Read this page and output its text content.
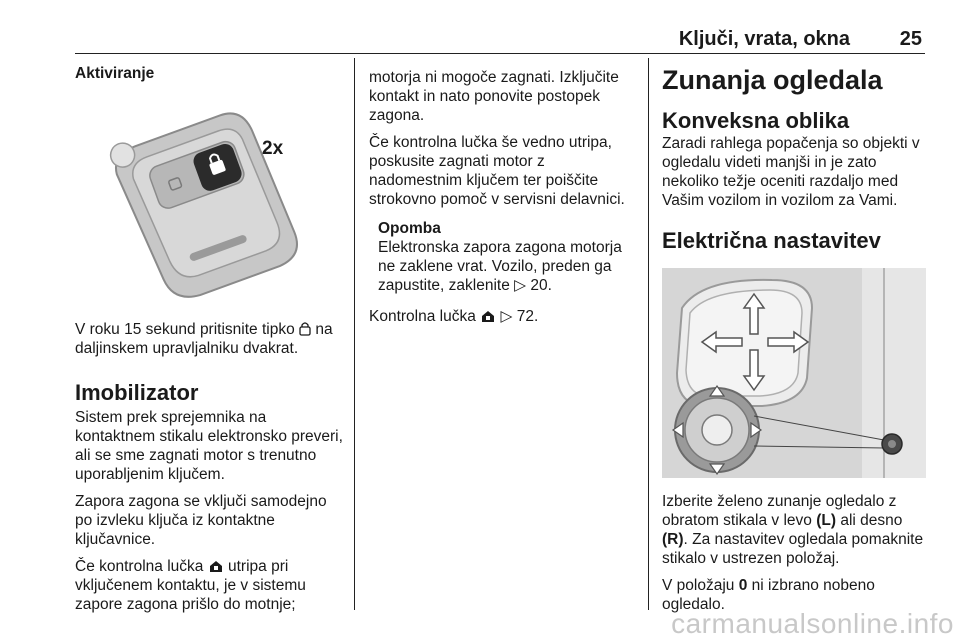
Ključi, vrata, okna 25

Aktiviranje

2x

V roku 15 sekund pritisnite tipko na daljinskem upravljalniku dvakrat.

Imobilizator

Sistem prek sprejemnika na kontaktnem stikalu elektronsko preveri, ali se sme zagnati motor s trenutno uporabljenim ključem.

Zapora zagona se vključi samodejno po izvleku ključa iz kontaktne ključavnice.

Če kontrolna lučka utripa pri vključenem kontaktu, je v sistemu zapore zagona prišlo do motnje;

motorja ni mogoče zagnati. Izključite kontakt in nato ponovite postopek zagona.

Če kontrolna lučka še vedno utripa, poskusite zagnati motor z nadomestnim ključem ter poiščite strokovno pomoč v servisni delavnici.

Opomba

Elektronska zapora zagona motorja ne zaklene vrat. Vozilo, preden ga zapustite, zaklenite ▷ 20.

Kontrolna lučka ▷ 72.

Zunanja ogledala

Konveksna oblika

Zaradi rahlega popačenja so objekti v ogledalu videti manjši in je zato nekoliko težje oceniti razdaljo med Vašim vozilom in vozilom za Vami.

Električna nastavitev

Izberite želeno zunanje ogledalo z obratom stikala v levo (L) ali desno (R). Za nastavitev ogledala pomaknite stikalo v ustrezen položaj.

V položaju 0 ni izbrano nobeno ogledalo.

carmanualsonline.info
